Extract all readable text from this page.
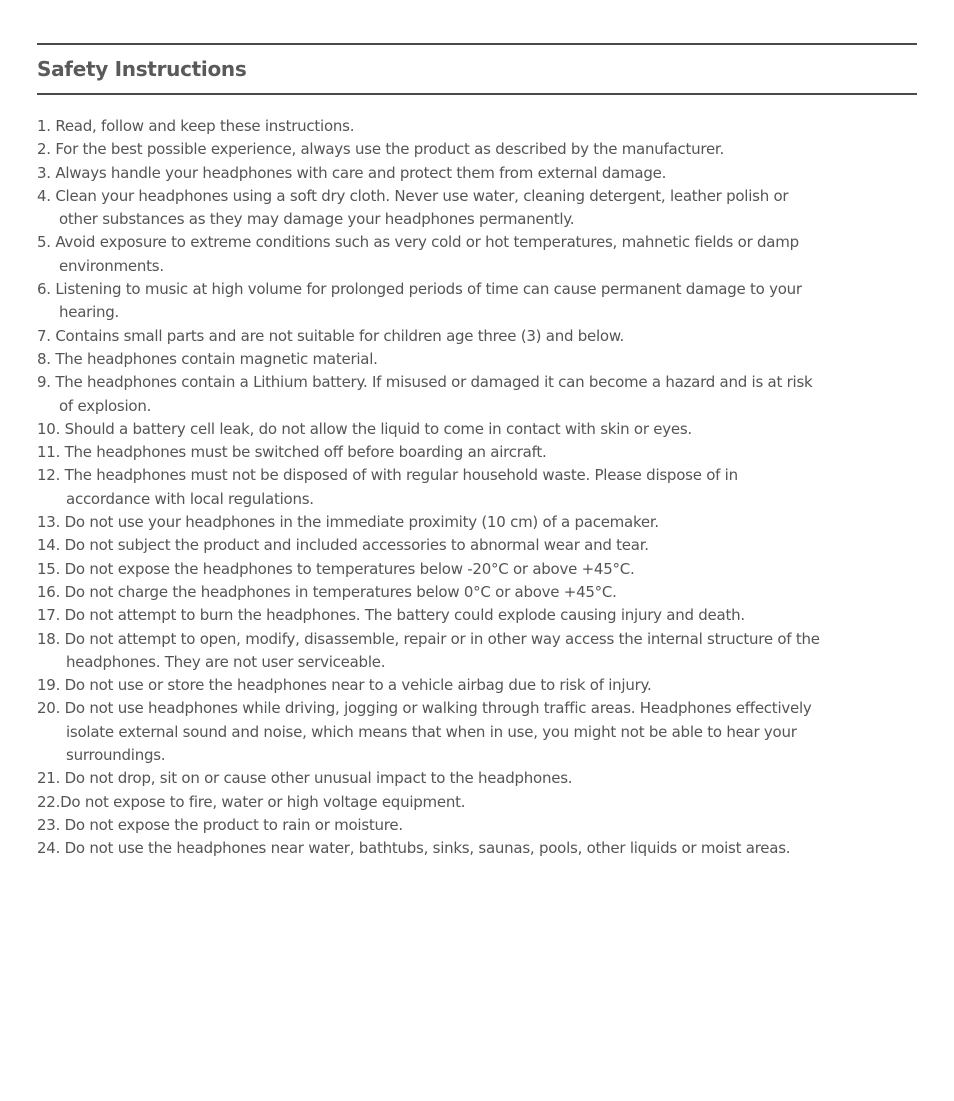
Safety Instructions
1. Read, follow and keep these instructions.
2. For the best possible experience, always use the product as described by the manufacturer.
3. Always handle your headphones with care and protect them from external damage.
4. Clean your headphones using a soft dry cloth. Never use water, cleaning detergent, leather polish or
other substances as they may damage your headphones permanently.
5. Avoid exposure to extreme conditions such as very cold or hot temperatures, mahnetic fields or damp
environments.
6. Listening to music at high volume for prolonged periods of time can cause permanent damage to your
hearing.
7. Contains small parts and are not suitable for children age three (3) and below.
8. The headphones contain magnetic material.
9. The headphones contain a Lithium battery. If misused or damaged it can become a hazard and is at risk
of explosion.
10. Should a battery cell leak, do not allow the liquid to come in contact with skin or eyes.
11. The headphones must be switched off before boarding an aircraft.
12. The headphones must not be disposed of with regular household waste. Please dispose of in
accordance with local regulations.
13. Do not use your headphones in the immediate proximity (10 cm) of a pacemaker.
14. Do not subject the product and included accessories to abnormal wear and tear.
15. Do not expose the headphones to temperatures below -20°C or above +45°C.
16. Do not charge the headphones in temperatures below 0°C or above +45°C.
17. Do not attempt to burn the headphones. The battery could explode causing injury and death.
18. Do not attempt to open, modify, disassemble, repair or in other way access the internal structure of the
headphones. They are not user serviceable.
19. Do not use or store the headphones near to a vehicle airbag due to risk of injury.
20. Do not use headphones while driving, jogging or walking through traffic areas. Headphones effectively
isolate external sound and noise, which means that when in use, you might not be able to hear your
surroundings.
21. Do not drop, sit on or cause other unusual impact to the headphones.
22.Do not expose to fire, water or high voltage equipment.
23. Do not expose the product to rain or moisture.
24. Do not use the headphones near water, bathtubs, sinks, saunas, pools, other liquids or moist areas.
